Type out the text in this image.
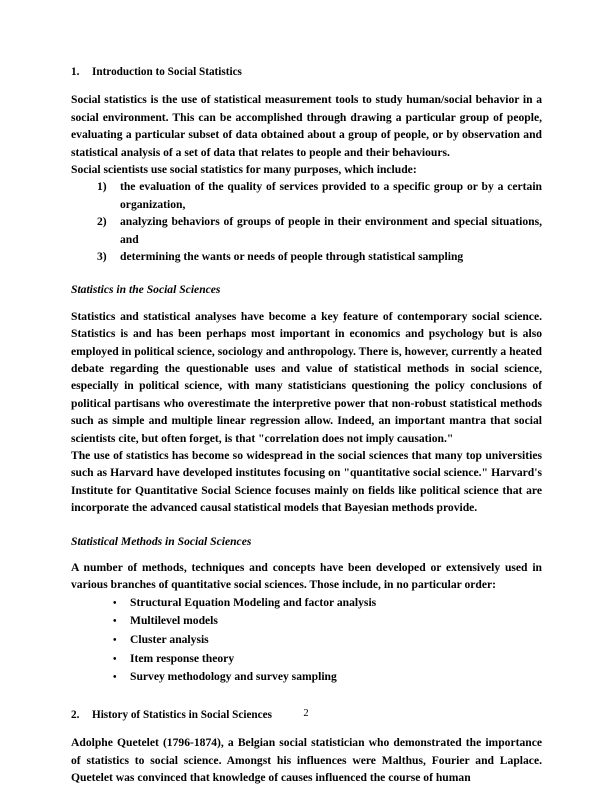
1.	Introduction to Social Statistics

Social statistics is the use of statistical measurement tools to study human/social behavior in a social environment. This can be accomplished through drawing a particular group of people, evaluating a particular subset of data obtained about a group of people, or by observation and statistical analysis of a set of data that relates to people and their behaviours.

Social scientists use social statistics for many purposes, which include:

1)	the evaluation of the quality of services provided to a specific group or by a certain organization,
2)	analyzing behaviors of groups of people in their environment and special situations, and
3)	determining the wants or needs of people through statistical sampling
Statistics in the Social Sciences

Statistics and statistical analyses have become a key feature of contemporary social science. Statistics is and has been perhaps most important in economics and psychology but is also employed in political science, sociology and anthropology. There is, however, currently a heated debate regarding the questionable uses and value of statistical methods in social science, especially in political science, with many statisticians questioning the policy conclusions of political partisans who overestimate the interpretive power that non-robust statistical methods such as simple and multiple linear regression allow. Indeed, an important mantra that social scientists cite, but often forget, is that "correlation does not imply causation."

The use of statistics has become so widespread in the social sciences that many top universities such as Harvard have developed institutes focusing on "quantitative social science." Harvard's Institute for Quantitative Social Science focuses mainly on fields like political science that are incorporate the advanced causal statistical models that Bayesian methods provide.

Statistical Methods in Social Sciences

A number of methods, techniques and concepts have been developed or extensively used in various branches of quantitative social sciences. Those include, in no particular order:

•	Structural Equation Modeling and factor analysis
•	Multilevel models
•	Cluster analysis
•	Item response theory
•	Survey methodology and survey sampling
2.	History of Statistics in Social Sciences

Adolphe Quetelet (1796-1874), a Belgian social statistician who demonstrated the importance of statistics to social science. Amongst his influences were Malthus, Fourier and Laplace. Quetelet was convinced that knowledge of causes influenced the course of human

2
